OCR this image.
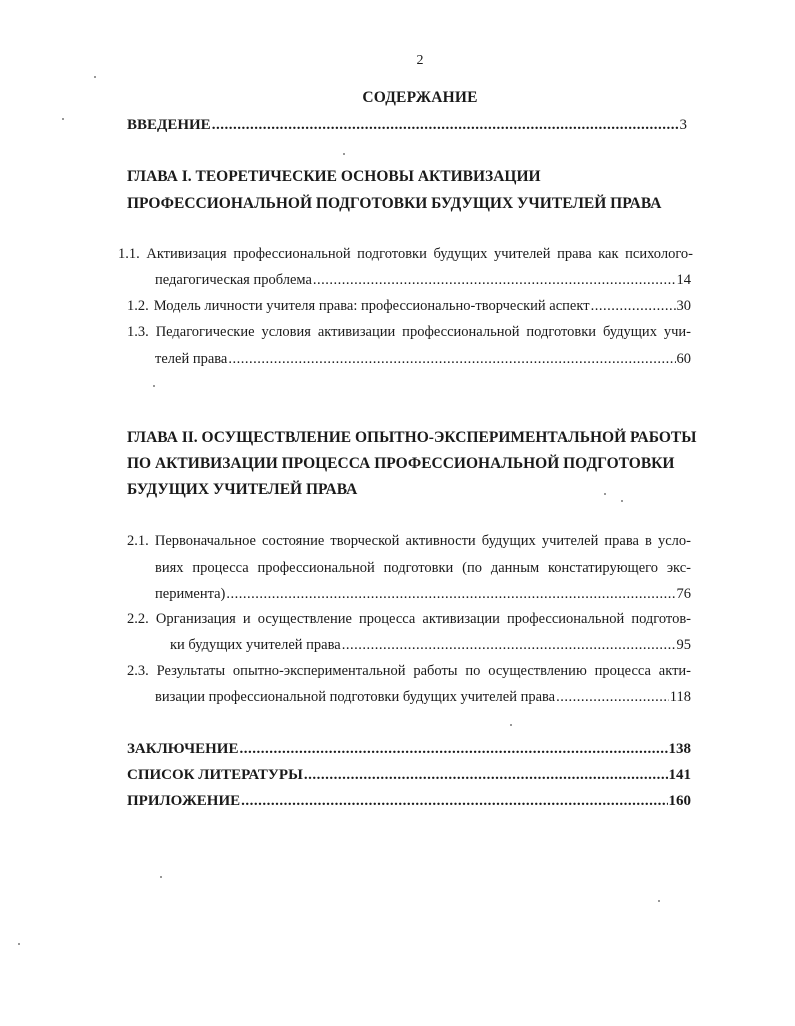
2
СОДЕРЖАНИЕ
ВВЕДЕНИЕ .....	3
ГЛАВА I. ТЕОРЕТИЧЕСКИЕ ОСНОВЫ АКТИВИЗАЦИИ
ПРОФЕССИОНАЛЬНОЙ ПОДГОТОВКИ БУДУЩИХ УЧИТЕЛЕЙ ПРАВА
1.1. Активизация профессиональной подготовки будущих учителей права как психолого-
педагогическая проблема .....	14
1.2. Модель личности учителя права: профессионально-творческий аспект .....	30
1.3. Педагогические условия активизации профессиональной подготовки будущих учи-
телей права .....	60
ГЛАВА II. ОСУЩЕСТВЛЕНИЕ ОПЫТНО-ЭКСПЕРИМЕНТАЛЬНОЙ РАБОТЫ
ПО АКТИВИЗАЦИИ ПРОЦЕССА ПРОФЕССИОНАЛЬНОЙ ПОДГОТОВКИ
БУДУЩИХ УЧИТЕЛЕЙ ПРАВА
2.1. Первоначальное состояние творческой активности будущих учителей права в усло-
виях процесса профессиональной подготовки (по данным констатирующего экс-
перимента) .....	76
2.2. Организация и осуществление процесса активизации профессиональной подготов-
ки будущих учителей права .....	95
2.3. Результаты опытно-экспериментальной работы по осуществлению процесса акти-
визации профессиональной подготовки будущих учителей права .....	118
ЗАКЛЮЧЕНИЕ .....	138
СПИСОК ЛИТЕРАТУРЫ .....	141
ПРИЛОЖЕНИЕ .....	160
